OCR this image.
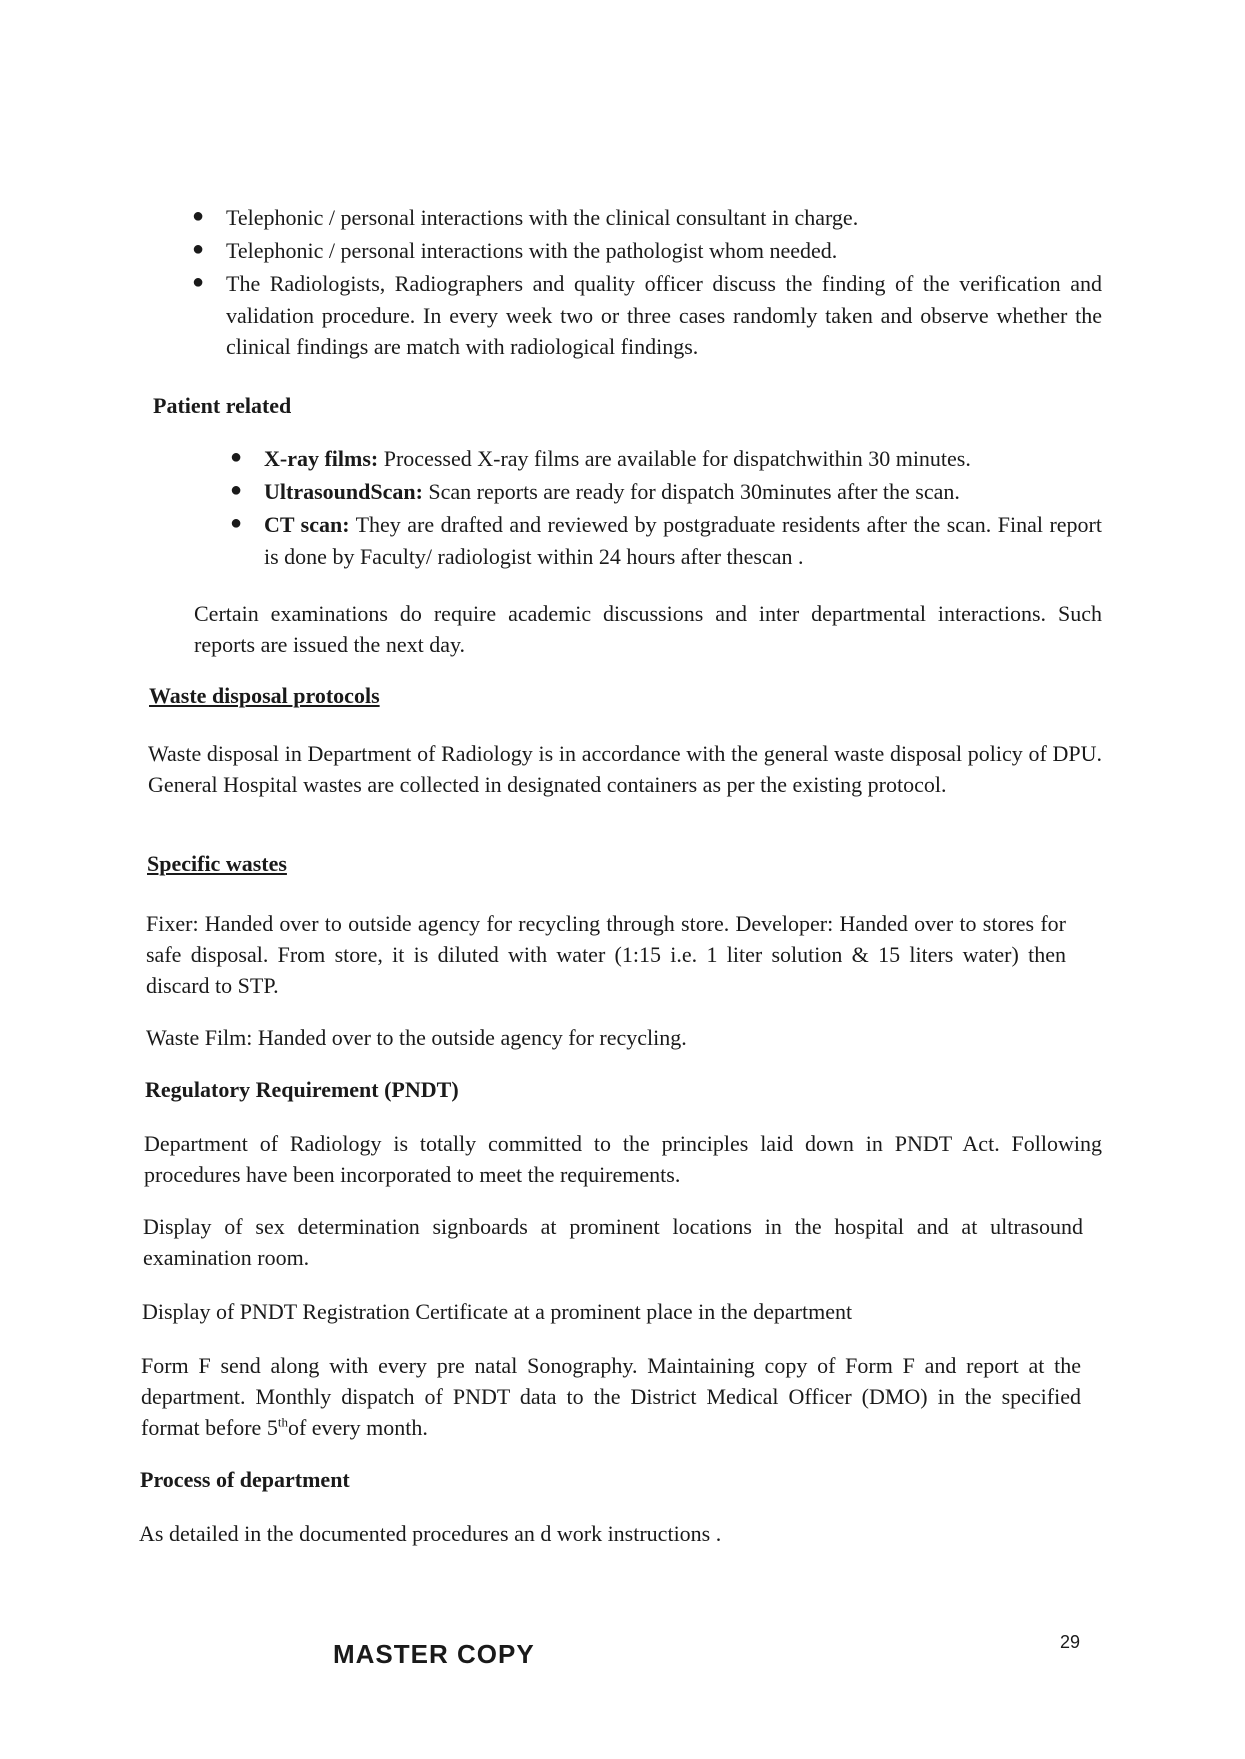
● Telephonic / personal interactions with the clinical consultant in charge.
● Telephonic / personal interactions with the pathologist whom needed.
● The Radiologists, Radiographers and quality officer discuss the finding of the verification and validation procedure. In every week two or three cases randomly taken and observe whether the clinical findings are match with radiological findings.
Patient related
● X-ray films: Processed X-ray films are available for dispatchwithin 30 minutes.
● UltrasoundScan: Scan reports are ready for dispatch 30minutes after the scan.
● CT scan: They are drafted and reviewed by postgraduate residents after the scan. Final report is done by Faculty/ radiologist within 24 hours after thescan .

Certain examinations do require academic discussions and inter departmental interactions. Such reports are issued the next day.

Waste disposal protocols

Waste disposal in Department of Radiology is in accordance with the general waste disposal policy of DPU. General Hospital wastes are collected in designated containers as per the existing protocol.

Specific wastes

Fixer: Handed over to outside agency for recycling through store. Developer: Handed over to stores for safe disposal. From store, it is diluted with water (1:15 i.e. 1 liter solution & 15 liters water) then discard to STP.

Waste Film: Handed over to the outside agency for recycling.

Regulatory Requirement (PNDT)

Department of Radiology is totally committed to the principles laid down in PNDT Act. Following procedures have been incorporated to meet the requirements.

Display of sex determination signboards at prominent locations in the hospital and at ultrasound examination room.

Display of PNDT Registration Certificate at a prominent place in the department

Form F send along with every pre natal Sonography. Maintaining copy of Form F and report at the department. Monthly dispatch of PNDT data to the District Medical Officer (DMO) in the specified format before 5thof every month.

Process of department

As detailed in the documented procedures an d work instructions .

MASTER COPY	29
